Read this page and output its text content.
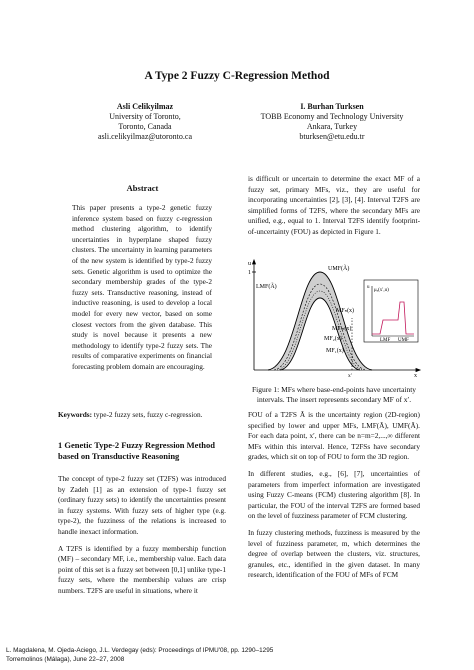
A Type 2 Fuzzy C-Regression Method
Asli Celikyilmaz
University of Toronto,
Toronto, Canada
asli.celikyilmaz@utoronto.ca
I. Burhan Turksen
TOBB Economy and Technology University
Ankara, Turkey
bturksen@etu.edu.tr
Abstract
This paper presents a type-2 genetic fuzzy inference system based on fuzzy c-regression method clustering algorithm, to identify uncertainties in hyperplane shaped fuzzy clusters. The uncertainty in learning parameters of the new system is identified by type-2 fuzzy sets. Genetic algorithm is used to optimize the secondary membership grades of the type-2 fuzzy sets. Transductive reasoning, instead of inductive reasoning, is used to develop a local model for every new vector, based on some closest vectors from the given database. This study is novel because it presents a new methodology to identify type-2 fuzzy sets. The results of comparative experiments on financial forecasting problem domain are encouraging.
Keywords: type-2 fuzzy sets, fuzzy c-regression.
1 Genetic Type-2 Fuzzy Regression Method based on Transductive Reasoning

The concept of type-2 fuzzy set (T2FS) was introduced by Zadeh [1] as an extension of type-1 fuzzy set (ordinary fuzzy sets) to identify the uncertainties present in fuzzy systems. With fuzzy sets of higher type (e.g. type-2), the fuzziness of the relations is increased to handle inexact information.

A T2FS is identified by a fuzzy membership function (MF) – secondary MF, i.e., membership value. Each data point of this set is a fuzzy set between [0,1] unlike type-1 fuzzy sets, where the membership values are crisp numbers. T2FS are useful in situations, where it

is difficult or uncertain to determine the exact MF of a fuzzy set, primary MFs, viz., they are useful for incorporating uncertainties [2], [3], [4]. Interval T2FS are simplified forms of T2FS, where the secondary MFs are unified, e.g., equal to 1. Interval T2FS identify footprint-of-uncertainty (FOU) as depicted in Figure 1.
u
1
x
UMF(Ã)
LMF(Ã)
MFₙ(x)
MF₂(x)
MF₁(x)
MFₘ(x)
μₓ(x′,u)
u
LMF UMF
x′
Figure 1: MFs where base-end-points have uncertainty intervals. The insert represents secondary MF of x′.

FOU of a T2FS Ã is the uncertainty region (2D-region) specified by lower and upper MFs, LMF(Ã), UMF(Ã). For each data point, x′, there can be n=m=2,...,∞ different MFs within this interval. Hence, T2FSs have secondary grades, which sit on top of FOU to form the 3D region.

In different studies, e.g., [6], [7], uncertainties of parameters from imperfect information are investigated using Fuzzy C-means (FCM) clustering algorithm [8]. In particular, the FOU of the interval T2FS are formed based on the level of fuzziness parameter of FCM clustering.

In fuzzy clustering methods, fuzziness is measured by the level of fuzziness parameter, m, which determines the degree of overlap between the clusters, viz. structures, granules, etc., identified in the given dataset. In many research, identification of the FOU of MFs of FCM

L. Magdalena, M. Ojeda-Aciego, J.L. Verdegay (eds): Proceedings of IPMU'08, pp. 1290–1295
Torremolinos (Málaga), June 22–27, 2008
